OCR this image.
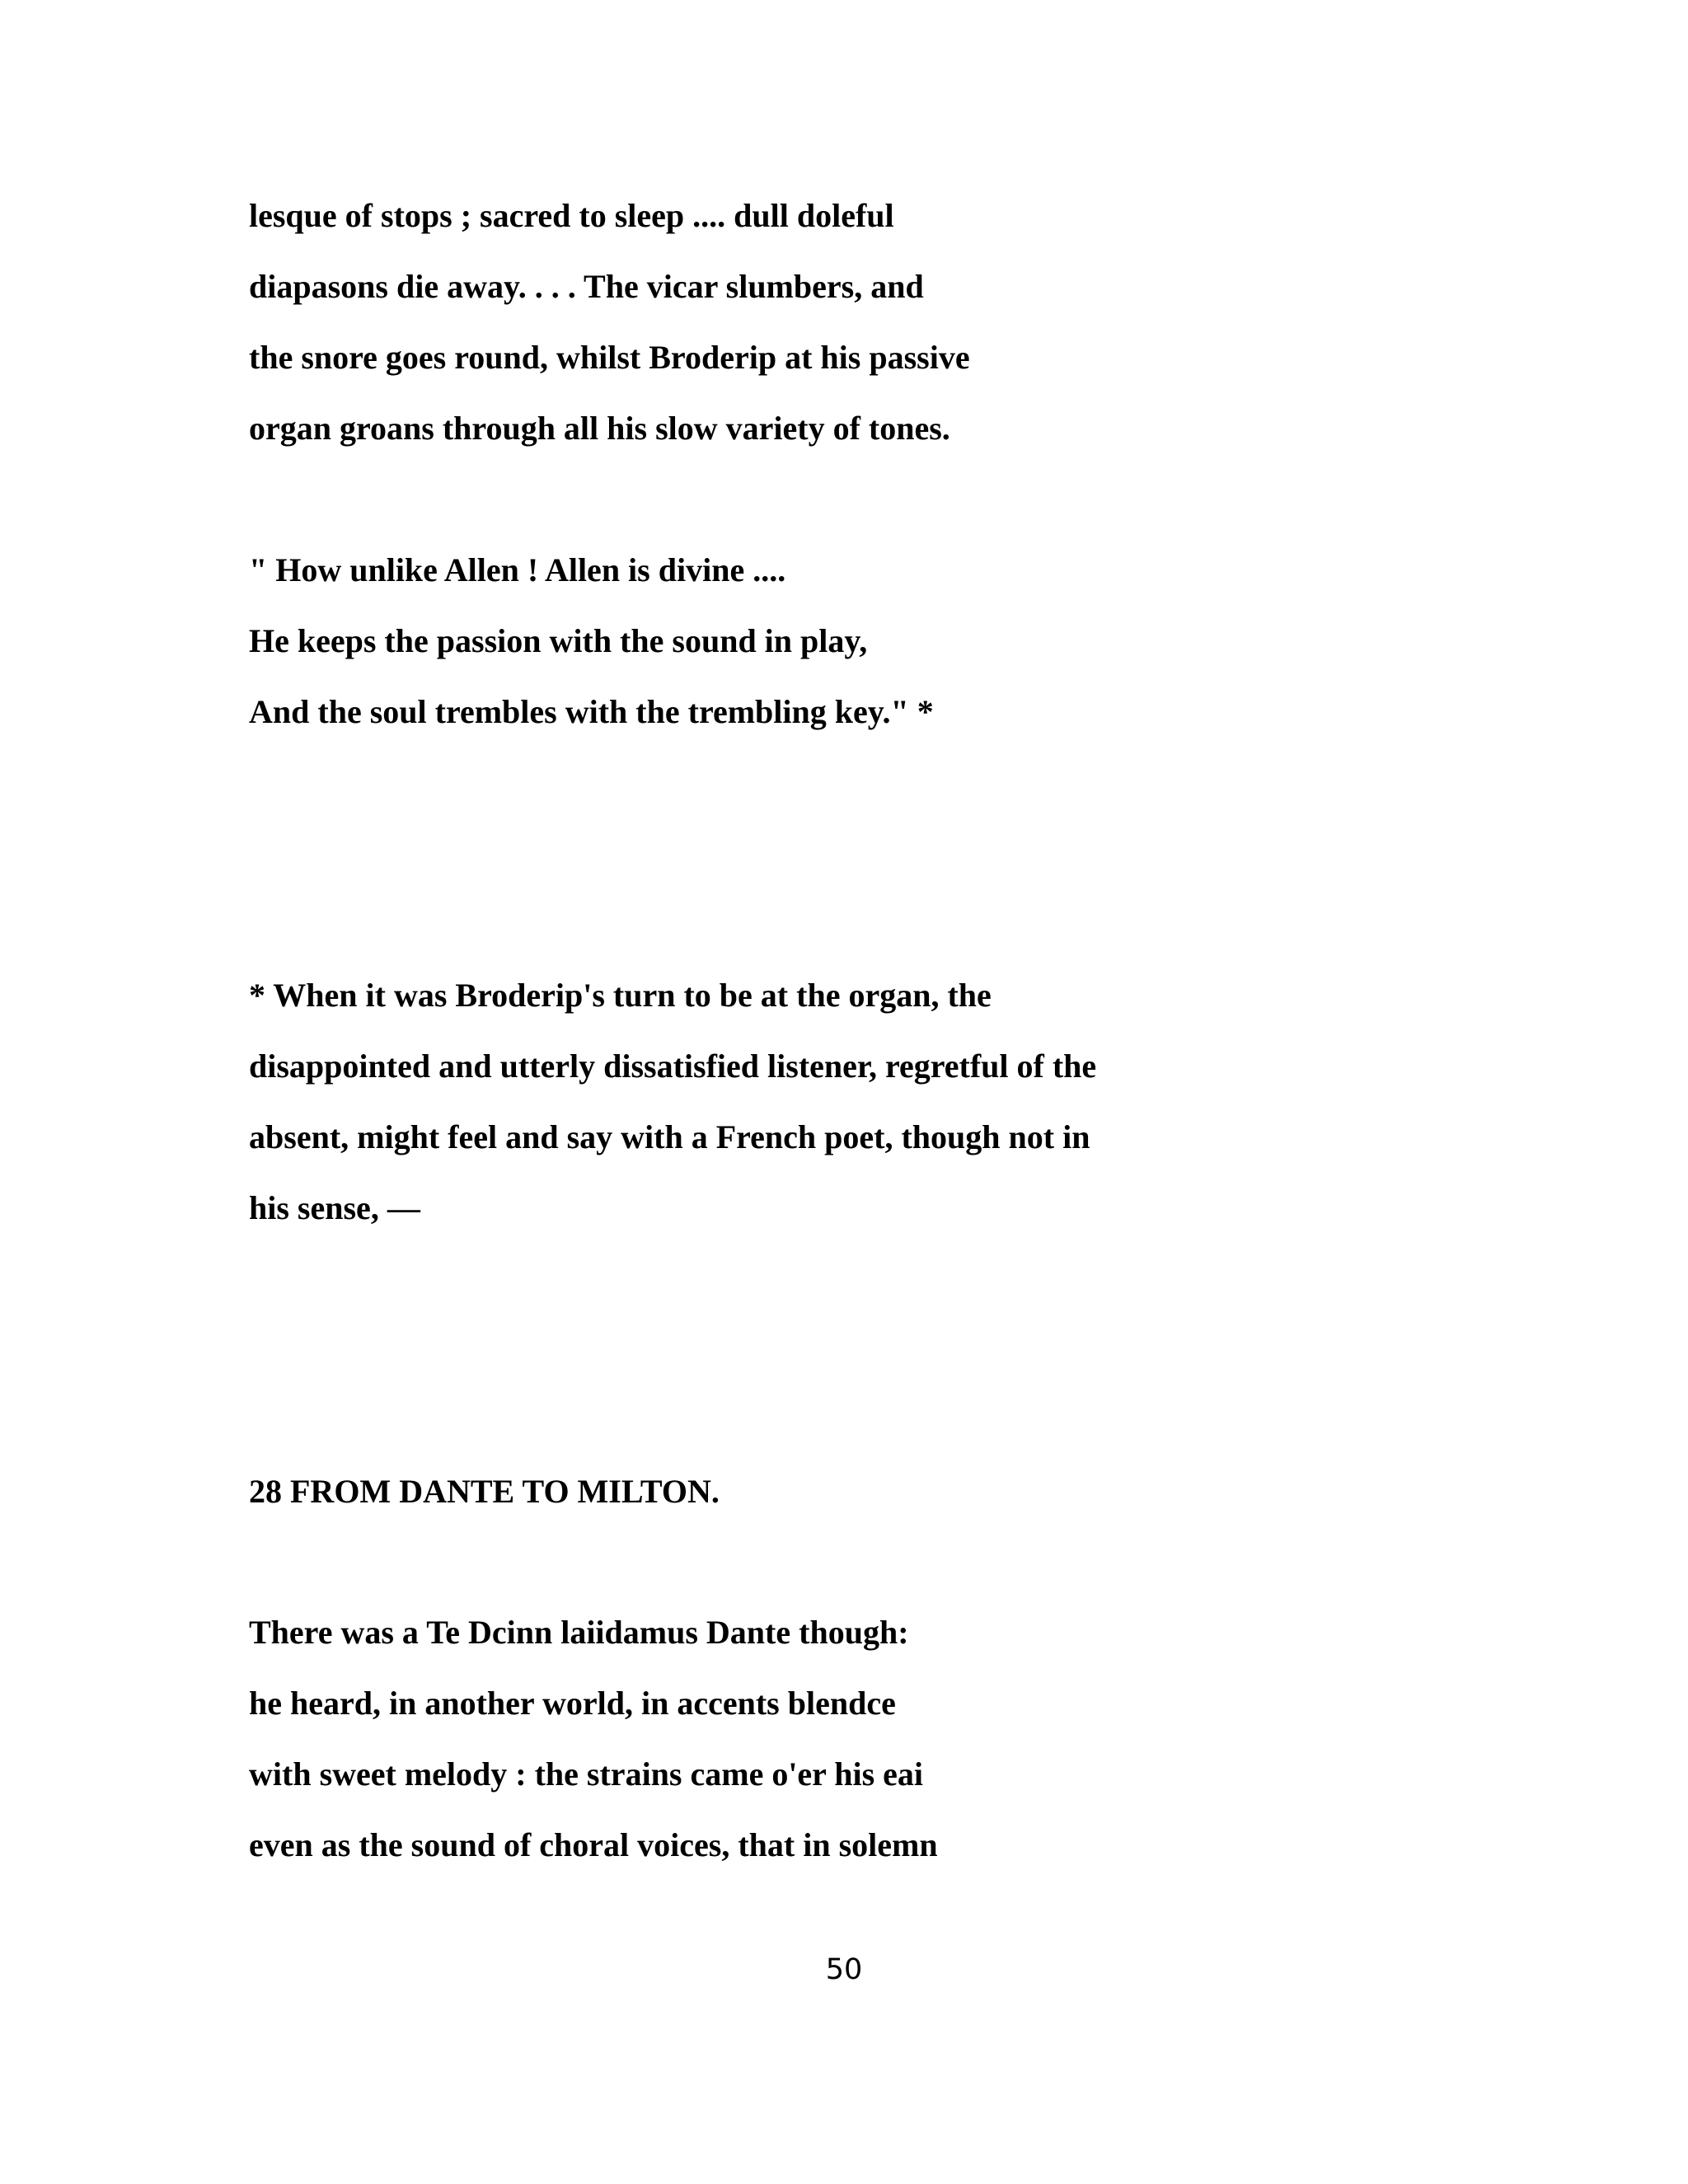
lesque of stops ; sacred to sleep .... dull doleful

diapasons die away. . . . The vicar slumbers, and

the snore goes round, whilst Broderip at his passive

organ groans through all his slow variety of tones.

" How unlike Allen ! Allen is divine ....

He keeps the passion with the sound in play,

And the soul trembles with the trembling key." *

* When it was Broderip's turn to be at the organ, the

disappointed and utterly dissatisfied listener, regretful of the

absent, might feel and say with a French poet, though not in

his sense, —

28 FROM DANTE TO MILTON.

There was a Te Dcinn laiidamus Dante though:

he heard, in another world, in accents blendce

with sweet melody : the strains came o'er his eai

even as the sound of choral voices, that in solemn

50
